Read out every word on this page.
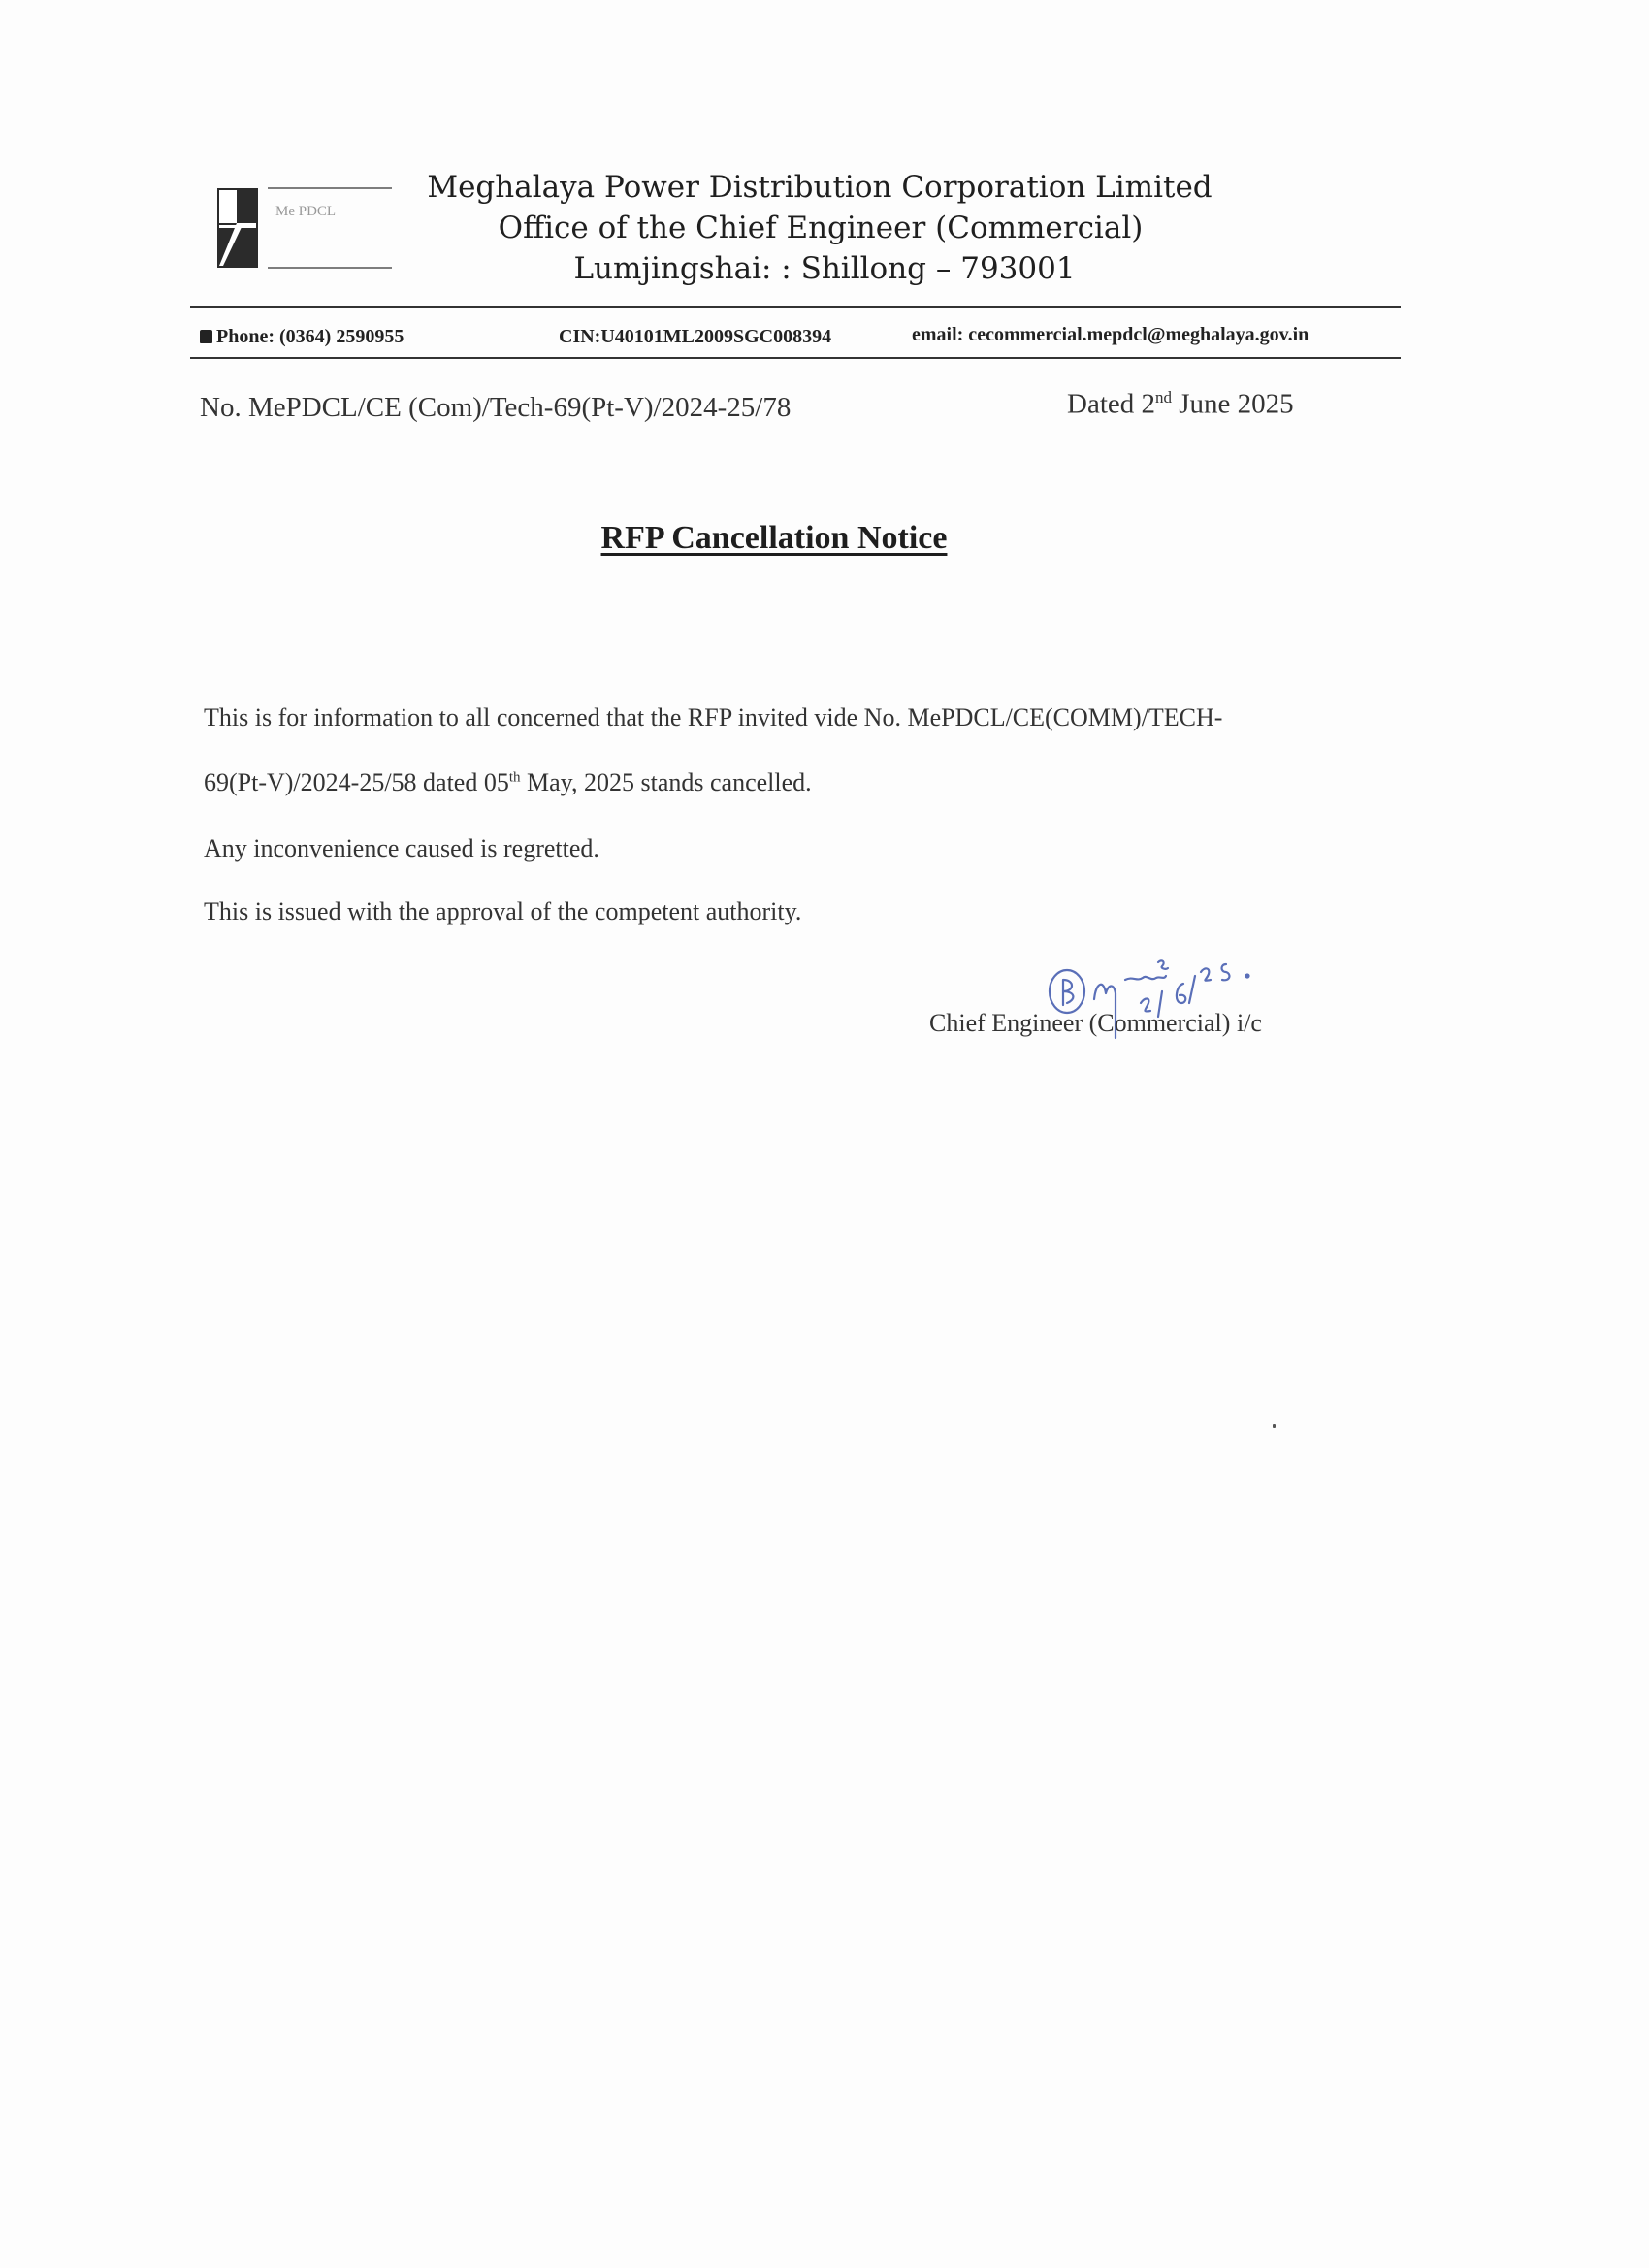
Me PDCL
Meghalaya Power Distribution Corporation Limited
Office of the Chief Engineer (Commercial)
Lumjingshai: : Shillong – 793001
Phone: (0364) 2590955	CIN:U40101ML2009SGC008394	email: cecommercial.mepdcl@meghalaya.gov.in
No. MePDCL/CE (Com)/Tech-69(Pt-V)/2024-25/78	Dated 2nd June 2025
RFP Cancellation Notice
This is for information to all concerned that the RFP invited vide No. MePDCL/CE(COMM)/TECH-
69(Pt-V)/2024-25/58 dated 05th May, 2025 stands cancelled.
Any inconvenience caused is regretted.
This is issued with the approval of the competent authority.
Chief Engineer (Commercial) i/c
